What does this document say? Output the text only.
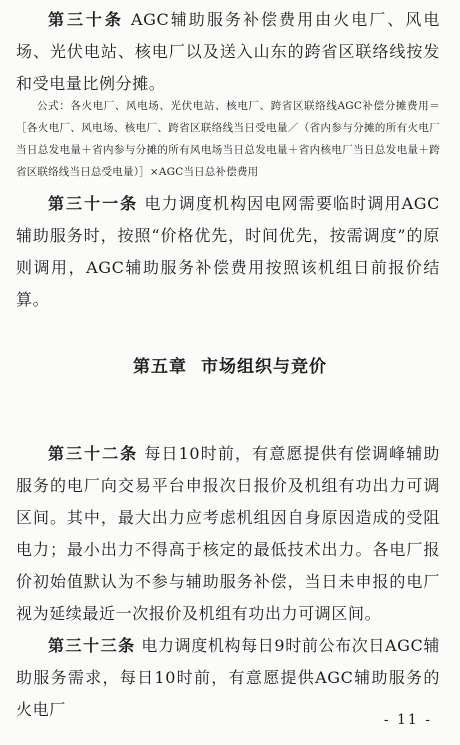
第三十条 AGC辅助服务补偿费用由火电厂、风电场、光伏电站、核电厂以及送入山东的跨省区联络线按发和受电量比例分摊。

公式：各火电厂、风电场、光伏电站、核电厂、跨省区联络线AGC补偿分摊费用＝［各火电厂、风电场、核电厂、跨省区联络线当日受电量／（省内参与分摊的所有火电厂当日总发电量＋省内参与分摊的所有风电场当日总发电量＋省内核电厂当日总发电量＋跨省区联络线当日总受电量）］×AGC当日总补偿费用

第三十一条 电力调度机构因电网需要临时调用AGC辅助服务时，按照“价格优先，时间优先，按需调度”的原则调用，AGC辅助服务补偿费用按照该机组日前报价结算。

第五章 市场组织与竞价

第三十二条 每日10时前，有意愿提供有偿调峰辅助服务的电厂向交易平台申报次日报价及机组有功出力可调区间。其中，最大出力应考虑机组因自身原因造成的受阻电力；最小出力不得高于核定的最低技术出力。各电厂报价初始值默认为不参与辅助服务补偿，当日未申报的电厂视为延续最近一次报价及机组有功出力可调区间。

第三十三条 电力调度机构每日9时前公布次日AGC辅助服务需求，每日10时前，有意愿提供AGC辅助服务的火电厂

- 11 -
